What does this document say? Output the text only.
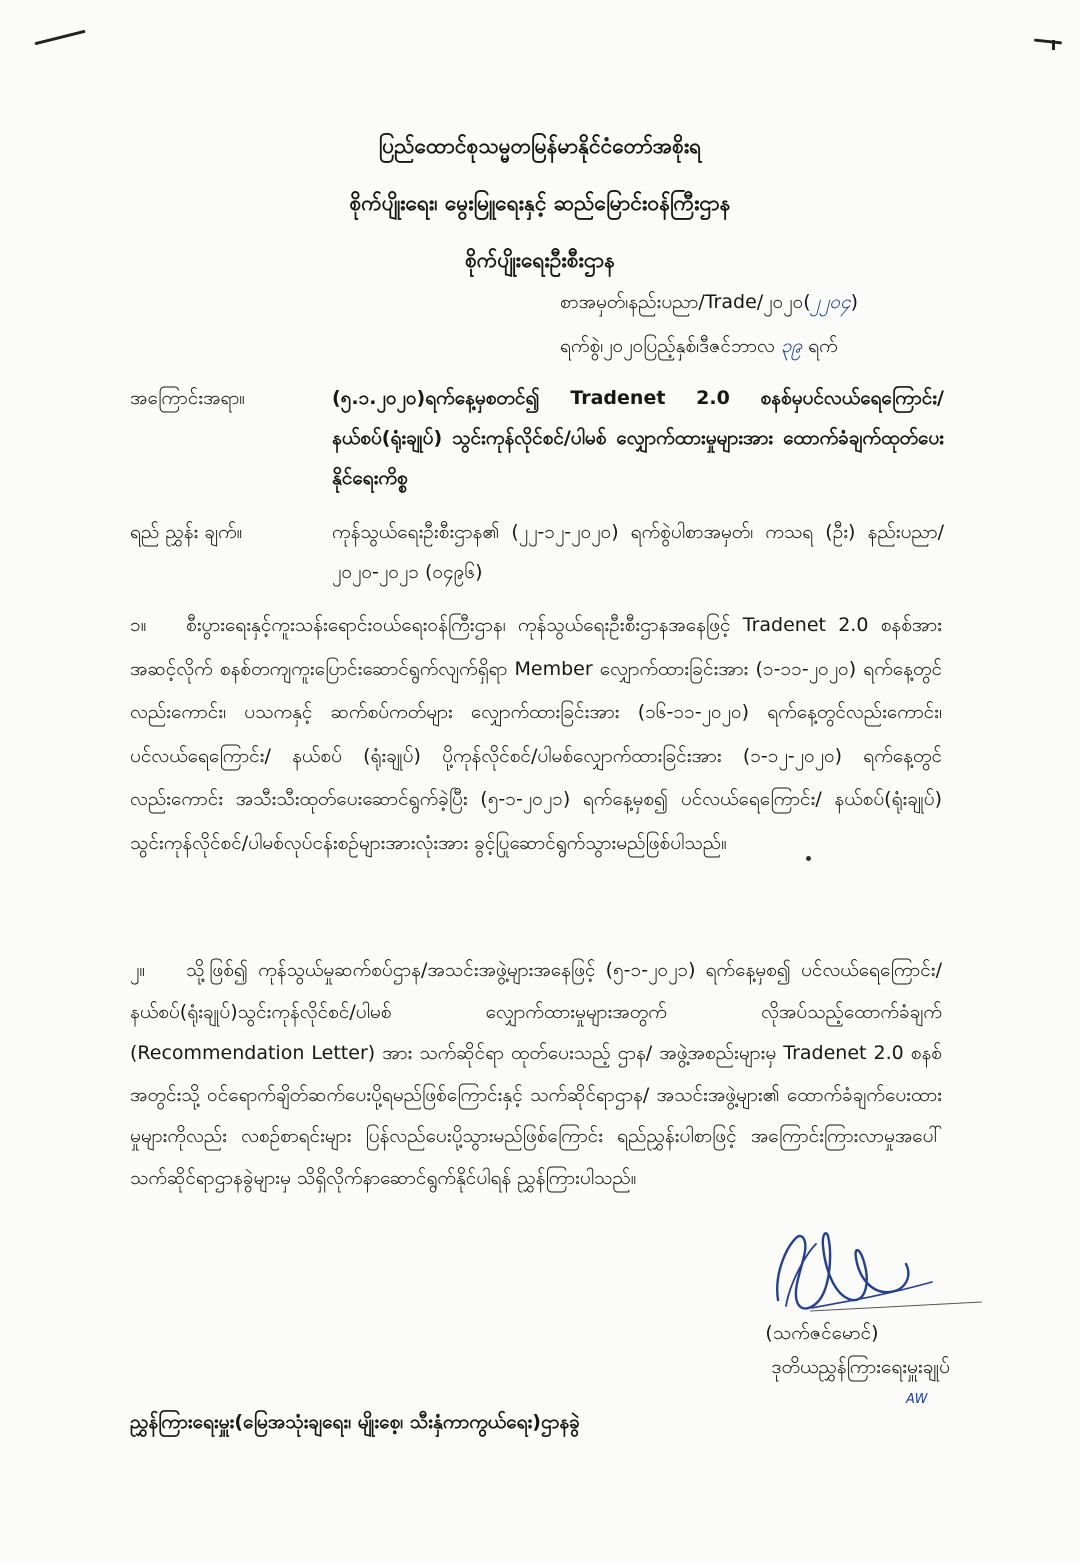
ပြည်ထောင်စုသမ္မတမြန်မာနိုင်ငံတော်အစိုးရ
စိုက်ပျိုးရေး၊ မွေးမြူရေးနှင့် ဆည်မြောင်းဝန်ကြီးဌာန
စိုက်ပျိုးရေးဦးစီးဌာန
စာအမှတ်၊နည်းပညာ/Trade/၂၀၂၀(၂၂၀၄)
ရက်စွဲ၊၂၀၂၀ပြည့်နှစ်၊ဒီဇင်ဘာလ ၃၉ ရက်
အကြောင်းအရာ။	(၅.၁.၂၀၂၀)ရက်နေ့မှစတင်၍ Tradenet 2.0 စနစ်မှပင်လယ်ရေကြောင်း/ နယ်စပ်(ရုံးချုပ်) သွင်းကုန်လိုင်စင်/ပါမစ် လျှောက်ထားမှုများအား ထောက်ခံချက်ထုတ်ပေးနိုင်ရေးကိစ္စ
ရည် ညွှန်း ချက်။	ကုန်သွယ်ရေးဦးစီးဌာန၏ (၂၂-၁၂-၂၀၂၀) ရက်စွဲပါစာအမှတ်၊ ကသရ (ဦး) နည်းပညာ/ ၂၀၂၀-၂၀၂၁ (၀၄၉၆)
၁။ စီးပွားရေးနှင့်ကူးသန်းရောင်းဝယ်ရေးဝန်ကြီးဌာန၊ ကုန်သွယ်ရေးဦးစီးဌာနအနေဖြင့် Tradenet 2.0 စနစ်အား အဆင့်လိုက် စနစ်တကျကူးပြောင်းဆောင်ရွက်လျက်ရှိရာ Member လျှောက်ထားခြင်းအား (၁-၁၁-၂၀၂၀) ရက်နေ့တွင်လည်းကောင်း၊ ပသကနှင့် ဆက်စပ်ကတ်များ လျှောက်ထားခြင်းအား (၁၆-၁၁-၂၀၂၀) ရက်နေ့တွင်လည်းကောင်း၊ ပင်လယ်ရေကြောင်း/ နယ်စပ် (ရုံးချုပ်) ပို့ကုန်လိုင်စင်/ပါမစ်လျှောက်ထားခြင်းအား (၁-၁၂-၂၀၂၀) ရက်နေ့တွင် လည်းကောင်း အသီးသီးထုတ်ပေးဆောင်ရွက်ခဲ့ပြီး (၅-၁-၂၀၂၁) ရက်နေ့မှစ၍ ပင်လယ်ရေကြောင်း/ နယ်စပ်(ရုံးချုပ်) သွင်းကုန်လိုင်စင်/ပါမစ်လုပ်ငန်းစဉ်များအားလုံးအား ခွင့်ပြုဆောင်ရွက်သွားမည်ဖြစ်ပါသည်။
၂။ သို့ဖြစ်၍ ကုန်သွယ်မှုဆက်စပ်ဌာန/အသင်းအဖွဲ့များအနေဖြင့် (၅-၁-၂၀၂၁) ရက်နေ့မှစ၍ ပင်လယ်ရေကြောင်း/နယ်စပ်(ရုံးချုပ်)သွင်းကုန်လိုင်စင်/ပါမစ် လျှောက်ထားမှုများအတွက် လိုအပ်သည့်ထောက်ခံချက် (Recommendation Letter) အား သက်ဆိုင်ရာ ထုတ်ပေးသည့် ဌာန/ အဖွဲ့အစည်းများမှ Tradenet 2.0 စနစ်အတွင်းသို့ ဝင်ရောက်ချိတ်ဆက်ပေးပို့ရမည်ဖြစ်ကြောင်းနှင့် သက်ဆိုင်ရာဌာန/ အသင်းအဖွဲ့များ၏ ထောက်ခံချက်ပေးထားမှုများကိုလည်း လစဉ်စာရင်းများ ပြန်လည်ပေးပို့သွားမည်ဖြစ်ကြောင်း ရည်ညွှန်းပါစာဖြင့် အကြောင်းကြားလာမှုအပေါ် သက်ဆိုင်ရာဌာနခွဲများမှ သိရှိလိုက်နာဆောင်ရွက်နိုင်ပါရန် ညွှန်ကြားပါသည်။
(သက်ဇင်မောင်)
ဒုတိယညွှန်ကြားရေးမှူးချုပ်
AW
ညွှန်ကြားရေးမှူး(မြေအသုံးချရေး၊ မျိုးစေ့၊ သီးနှံကာကွယ်ရေး)ဌာနခွဲ
